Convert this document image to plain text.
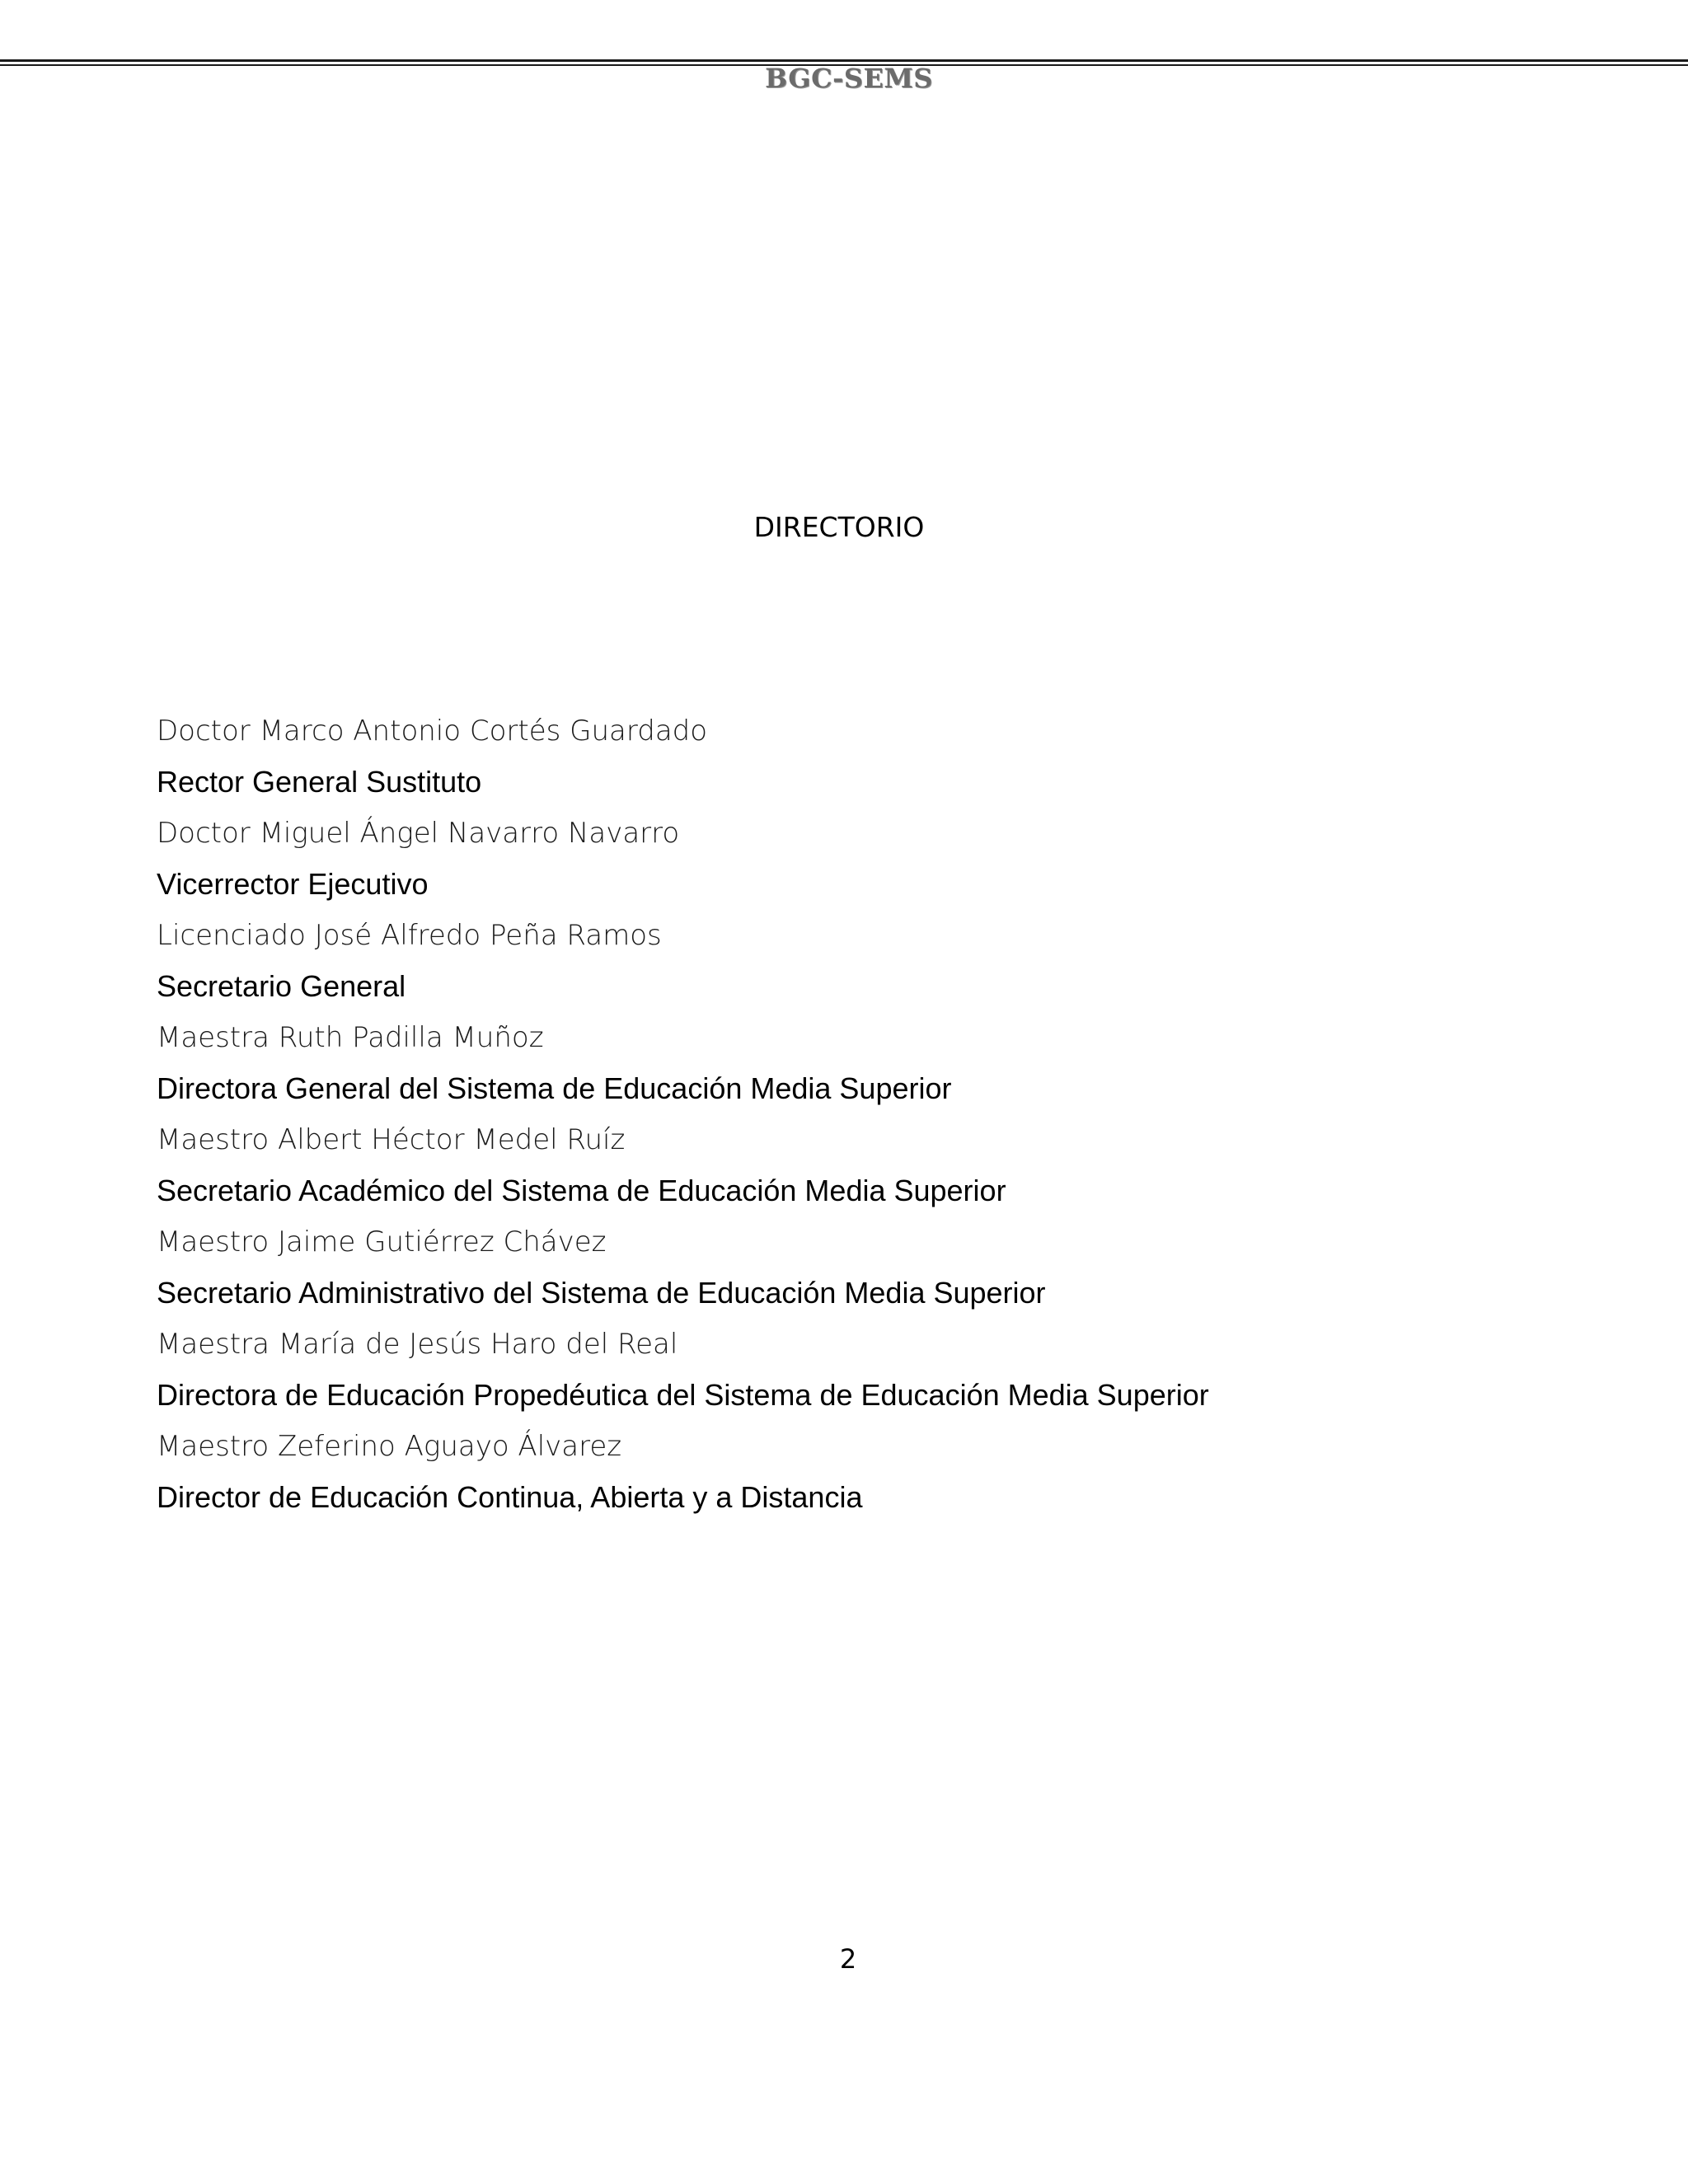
BGC-SEMS
DIRECTORIO
Doctor Marco Antonio Cortés Guardado
Rector General Sustituto
Doctor Miguel Ángel Navarro Navarro
Vicerrector Ejecutivo
Licenciado José Alfredo Peña Ramos
Secretario General
Maestra Ruth Padilla Muñoz
Directora General del Sistema de Educación Media Superior
Maestro Albert Héctor Medel Ruíz
Secretario Académico del Sistema de Educación Media Superior
Maestro Jaime Gutiérrez Chávez
Secretario Administrativo del Sistema de Educación Media Superior
Maestra María de Jesús Haro del Real
Directora de Educación Propedéutica del Sistema de Educación Media Superior
Maestro Zeferino Aguayo Álvarez
Director de Educación Continua, Abierta y a Distancia
2
